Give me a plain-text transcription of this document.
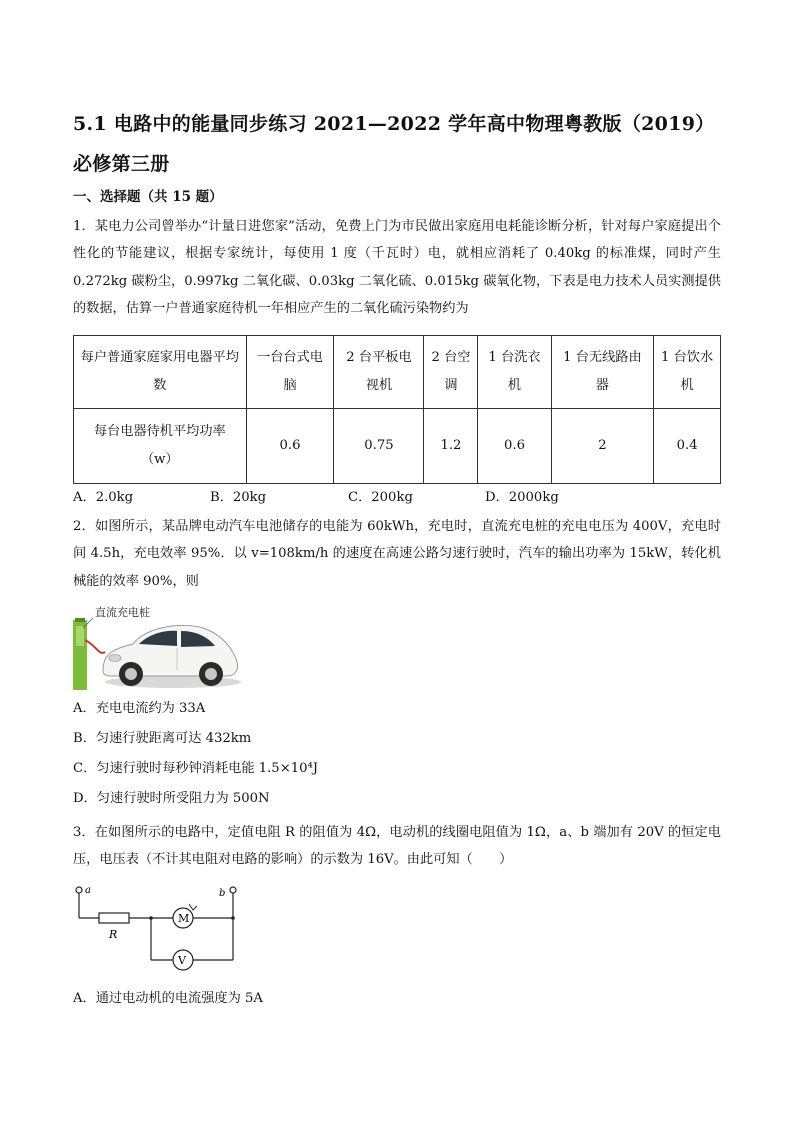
5.1 电路中的能量同步练习 2021—2022 学年高中物理粤教版（2019）必修第三册
一、选择题（共 15 题）
1．某电力公司曾举办“计量日进您家”活动，免费上门为市民做出家庭用电耗能诊断分析，针对每户家庭提出个性化的节能建议，根据专家统计，每使用 1 度（千瓦时）电，就相应消耗了 0.40kg 的标准煤，同时产生 0.272kg 碳粉尘，0.997kg 二氧化碳、0.03kg 二氧化硫、0.015kg 碳氧化物，下表是电力技术人员实测提供的数据，估算一户普通家庭待机一年相应产生的二氧化硫污染物约为
每户普通家庭家用电器平均数	一台台式电脑	2 台平板电视机	2 台空调	1 台洗衣机	1 台无线路由器	1 台饮水机
每台电器待机平均功率（w）	0.6	0.75	1.2	0.6	2	0.4
A．2.0kg	B．20kg	C．200kg	D．2000kg
2．如图所示，某品牌电动汽车电池储存的电能为 60kWh，充电时，直流充电桩的充电电压为 400V，充电时间 4.5h，充电效率 95%．以 v=108km/h 的速度在高速公路匀速行驶时，汽车的输出功率为 15kW，转化机械能的效率 90%，则
直流充电桩
A．充电电流约为 33A
B．匀速行驶距离可达 432km
C．匀速行驶时每秒钟消耗电能 1.5×10⁴J
D．匀速行驶时所受阻力为 500N
3．在如图所示的电路中，定值电阻 R 的阻值为 4Ω，电动机的线圈电阻值为 1Ω，a、b 端加有 20V 的恒定电压，电压表（不计其电阻对电路的影响）的示数为 16V。由此可知（　　）
a
R
M
V
b
A．通过电动机的电流强度为 5A
